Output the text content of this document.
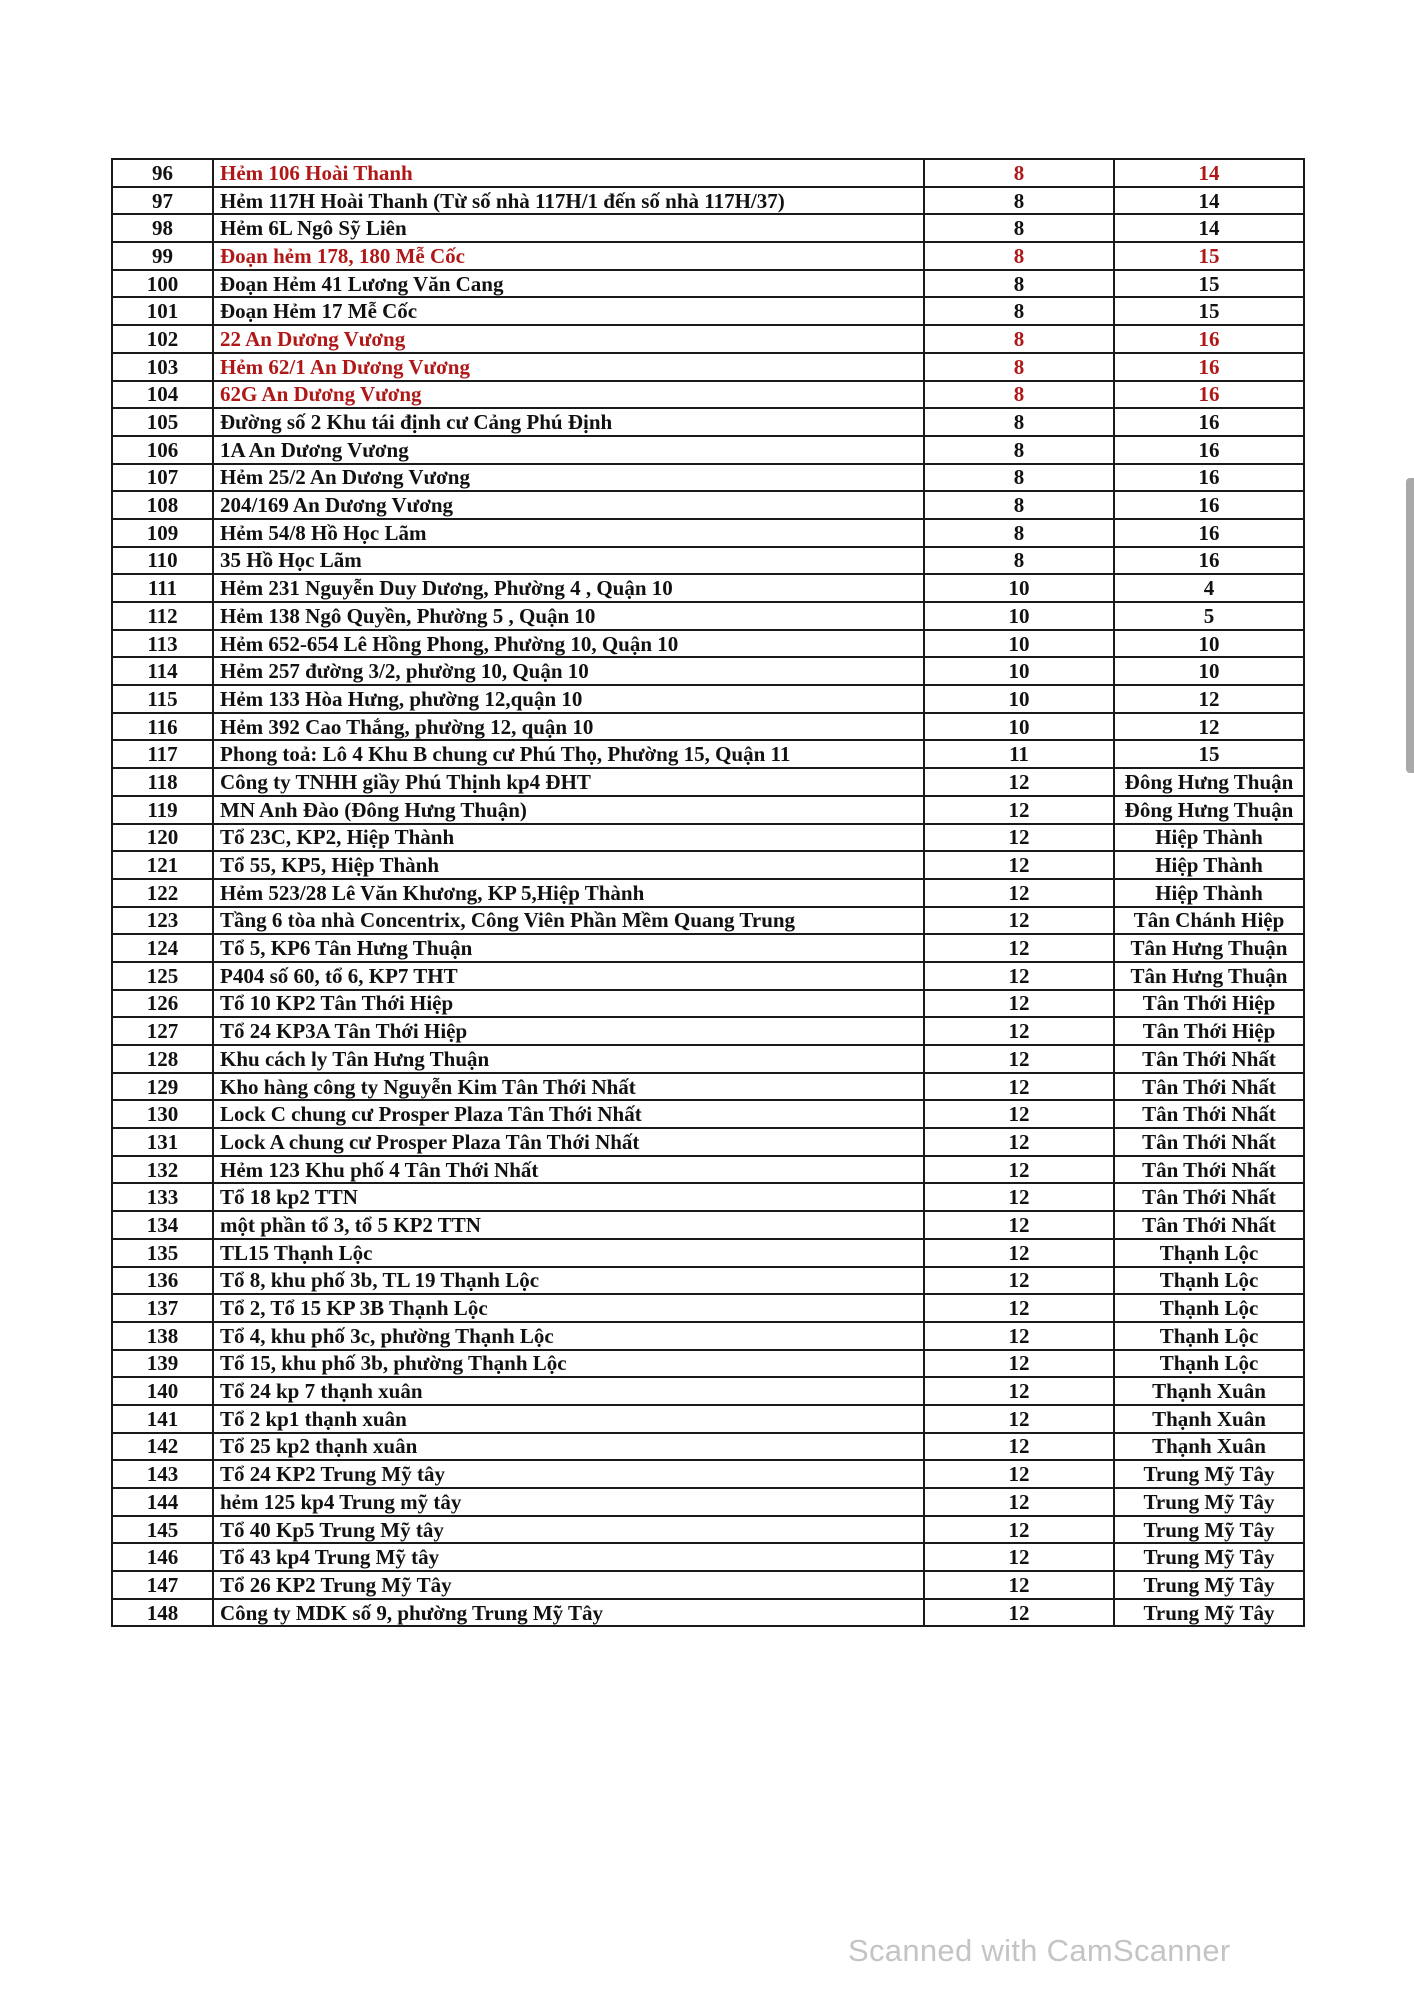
96	Hẻm 106 Hoài Thanh	8	14
97	Hẻm 117H Hoài Thanh (Từ số nhà 117H/1 đến số nhà 117H/37)	8	14
98	Hẻm 6L Ngô Sỹ Liên	8	14
99	Đoạn hẻm 178, 180 Mễ Cốc	8	15
100	Đoạn Hẻm 41 Lương Văn Cang	8	15
101	Đoạn Hẻm 17 Mễ Cốc	8	15
102	22 An Dương Vương	8	16
103	Hẻm 62/1 An Dương Vương	8	16
104	62G An Dương Vương	8	16
105	Đường số 2 Khu tái định cư Cảng Phú Định	8	16
106	1A An Dương Vương	8	16
107	Hẻm 25/2 An Dương Vương	8	16
108	204/169 An Dương Vương	8	16
109	Hẻm 54/8 Hồ Học Lãm	8	16
110	35 Hồ Học Lãm	8	16
111	Hẻm 231 Nguyễn Duy Dương, Phường 4 , Quận 10	10	4
112	Hẻm 138 Ngô Quyền, Phường 5 , Quận 10	10	5
113	Hẻm 652-654 Lê Hồng Phong, Phường 10, Quận 10	10	10
114	Hẻm 257 đường 3/2, phường 10, Quận 10	10	10
115	Hẻm 133 Hòa Hưng, phường 12,quận 10	10	12
116	Hẻm 392 Cao Thắng, phường 12, quận 10	10	12
117	Phong toả: Lô 4 Khu B chung cư Phú Thọ, Phường 15, Quận 11	11	15
118	Công ty TNHH giầy Phú Thịnh kp4 ĐHT	12	Đông Hưng Thuận
119	MN Anh Đào (Đông Hưng Thuận)	12	Đông Hưng Thuận
120	Tổ 23C, KP2, Hiệp Thành	12	Hiệp Thành
121	Tổ 55, KP5, Hiệp Thành	12	Hiệp Thành
122	Hẻm 523/28 Lê Văn Khương, KP 5,Hiệp Thành	12	Hiệp Thành
123	Tầng 6 tòa nhà Concentrix, Công Viên Phần Mềm Quang Trung	12	Tân Chánh Hiệp
124	Tổ 5, KP6 Tân Hưng Thuận	12	Tân Hưng Thuận
125	P404 số 60, tổ 6, KP7 THT	12	Tân Hưng Thuận
126	Tổ 10 KP2 Tân Thới Hiệp	12	Tân Thới Hiệp
127	Tổ 24 KP3A Tân Thới Hiệp	12	Tân Thới Hiệp
128	Khu cách ly Tân Hưng Thuận	12	Tân Thới Nhất
129	Kho hàng công ty Nguyễn Kim Tân Thới Nhất	12	Tân Thới Nhất
130	Lock C chung cư Prosper Plaza Tân Thới Nhất	12	Tân Thới Nhất
131	Lock A chung cư Prosper Plaza Tân Thới Nhất	12	Tân Thới Nhất
132	Hẻm 123 Khu phố 4 Tân Thới Nhất	12	Tân Thới Nhất
133	Tổ 18 kp2 TTN	12	Tân Thới Nhất
134	một phần tổ 3, tổ 5 KP2 TTN	12	Tân Thới Nhất
135	TL15 Thạnh Lộc	12	Thạnh Lộc
136	Tổ 8, khu phố 3b, TL 19 Thạnh Lộc	12	Thạnh Lộc
137	Tổ 2, Tổ 15 KP 3B Thạnh Lộc	12	Thạnh Lộc
138	Tổ 4, khu phố 3c, phường Thạnh Lộc	12	Thạnh Lộc
139	Tổ 15, khu phố 3b, phường Thạnh Lộc	12	Thạnh Lộc
140	Tổ 24 kp 7 thạnh xuân	12	Thạnh Xuân
141	Tổ 2 kp1 thạnh xuân	12	Thạnh Xuân
142	Tổ 25 kp2 thạnh xuân	12	Thạnh Xuân
143	Tổ 24 KP2 Trung Mỹ tây	12	Trung Mỹ Tây
144	hẻm 125 kp4 Trung mỹ tây	12	Trung Mỹ Tây
145	Tổ 40 Kp5 Trung Mỹ tây	12	Trung Mỹ Tây
146	Tổ 43 kp4 Trung Mỹ tây	12	Trung Mỹ Tây
147	Tổ 26 KP2 Trung Mỹ Tây	12	Trung Mỹ Tây
148	Công ty MDK số 9, phường Trung Mỹ Tây	12	Trung Mỹ Tây
Scanned with CamScanner
